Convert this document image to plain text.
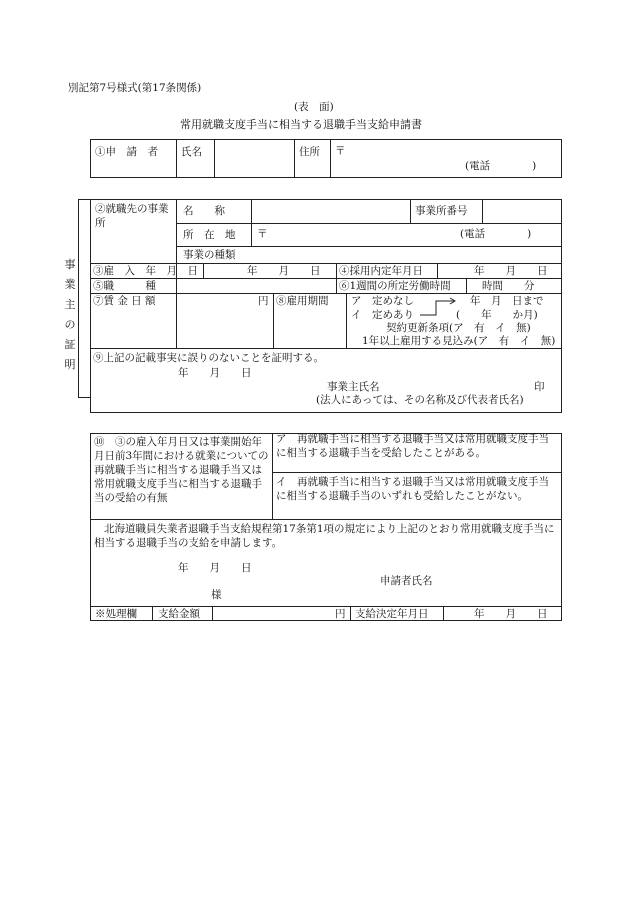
別記第7号様式(第17条関係)
(表　面)
常用就職支度手当に相当する退職手当支給申請書
①申　請　者 氏名	住所 〒
(電話　　　　)
事
業
主
の
証
明
②就職先の事業所
名　　称	事業所番号
所　在　地 〒	(電話　　　　)
事業の種類
③雇　入　年　月　日	年　　月　　日 ④採用内定年月日	年　　月　　日
⑤職　　　種	⑥1週間の所定労働時間	時間　　分
⑦賃 金 日 額	円 ⑧雇用期間 ア　定めなし	年　月　日まで
イ　定めあり	(　　年　　か月)
契約更新条項(ア　有　イ　無)
1年以上雇用する見込み(ア　有　イ　無)
⑨上記の記載事実に誤りのないことを証明する。
年　　月　　日
事業主氏名	印
(法人にあっては、その名称及び代表者氏名)
⑩　③の雇入年月日又は事業開始年月日前3年間における就業についての再就職手当に相当する退職手当又は常用就職支度手当に相当する退職手当の受給の有無
ア　再就職手当に相当する退職手当又は常用就職支度手当に相当する退職手当を受給したことがある。
イ　再就職手当に相当する退職手当又は常用就職支度手当に相当する退職手当のいずれも受給したことがない。
北海道職員失業者退職手当支給規程第17条第1項の規定により上記のとおり常用就職支度手当に相当する退職手当の支給を申請します。
年　　月　　日
申請者氏名
様
※処理欄 支給金額	円 支給決定年月日	年　　月　　日
